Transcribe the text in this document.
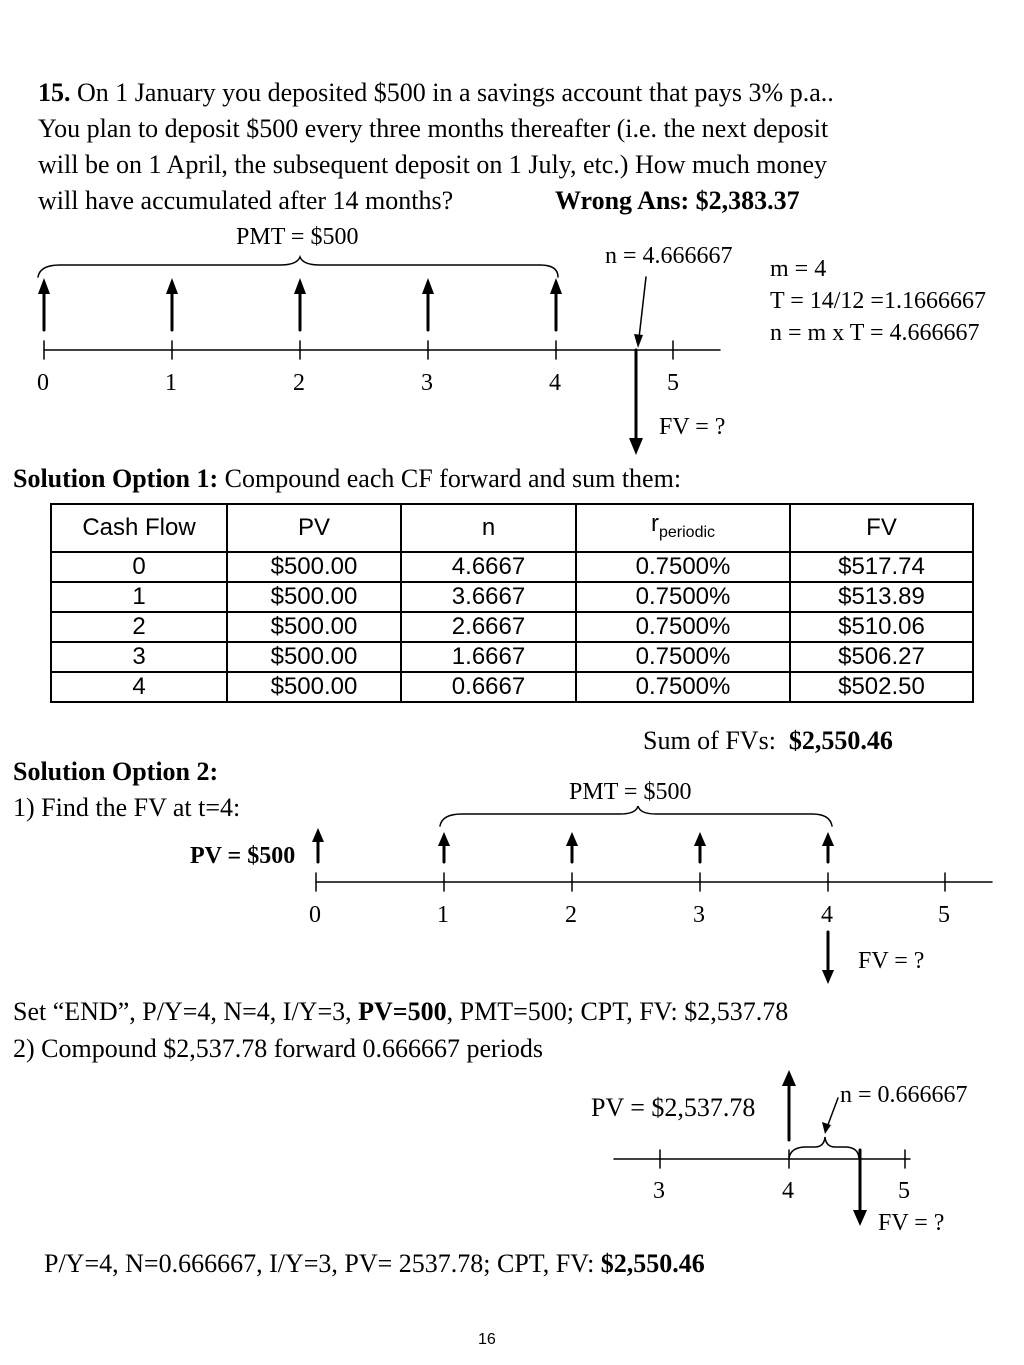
15. On 1 January you deposited $500 in a savings account that pays 3% p.a..
You plan to deposit $500 every three months thereafter (i.e. the next deposit
will be on 1 April, the subsequent deposit on 1 July, etc.) How much money
will have accumulated after 14 months?	Wrong Ans: $2,383.37
PMT = $500
n = 4.666667 m = 4
T = 14/12 =1.1666667
n = m x T = 4.666667
0	1	2	3	4	5
FV = ?
Solution Option 1: Compound each CF forward and sum them:
Cash Flow	PV	n	$r_{periodic}$	FV
0	$500.00	4.6667	0.7500%	$517.74
1	$500.00	3.6667	0.7500%	$513.89
2	$500.00	2.6667	0.7500%	$510.06
3	$500.00	1.6667	0.7500%	$506.27
4	$500.00	0.6667	0.7500%	$502.50
Sum of FVs: $2,550.46
Solution Option 2:
1) Find the FV at t=4:
PMT = $500
PV = $500
0	1	2	3	4	5
FV = ?
Set “END”, P/Y=4, N=4, I/Y=3, PV=500, PMT=500; CPT, FV: $2,537.78
2) Compound $2,537.78 forward 0.666667 periods
PV = $2,537.78	n = 0.666667
3	4	5
FV = ?
P/Y=4, N=0.666667, I/Y=3, PV= 2537.78; CPT, FV: $2,550.46
16
